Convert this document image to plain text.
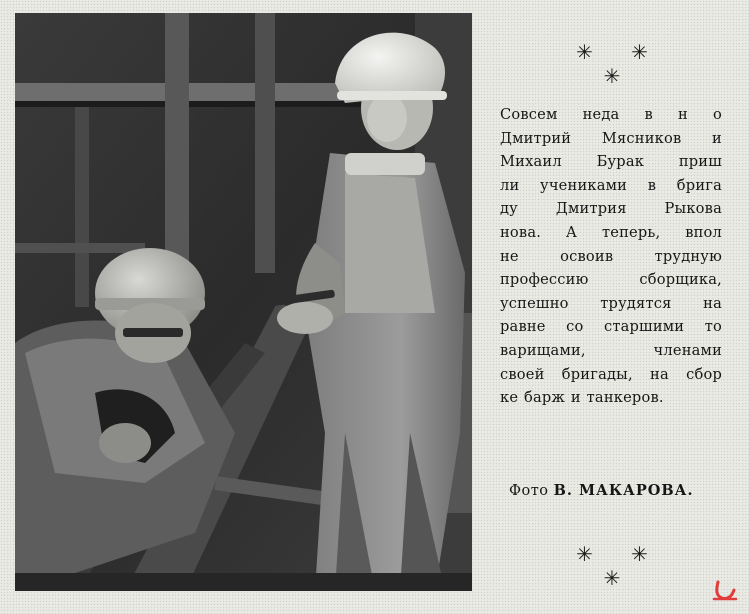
✳ ✳ ✳
Совсем неда в н о
Дмитрий Мясников и
Михаил Бурак приш
ли учениками в брига
ду Дмитрия Рыкова
нова. А теперь, впол
не освоив трудную
профессию сборщика,
успешно трудятся на
равне со старшими то
варищами, членами
своей бригады, на сбор
ке барж и танкеров.
Фото В. МАКАРОВА.
✳ ✳ ✳
